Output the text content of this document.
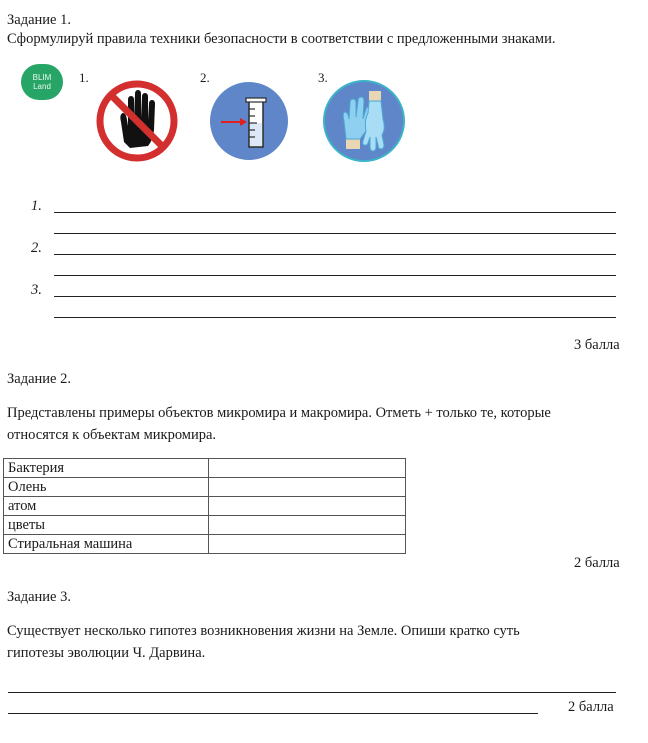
Задание 1.
Сформулируй правила техники безопасности в соответствии с предложенными знаками.
BLIM
Land
1.	2.	3.
1.
2.
3.
3 балла
Задание 2.
Представлены примеры объектов микромира и макромира. Отметь + только те, которые
относятся к объектам микромира.
Бактерия	
Олень	
атом	
цветы	
Стиральная машина	
2 балла
Задание 3.
Существует несколько гипотез возникновения жизни на Земле. Опиши кратко суть
гипотезы эволюции Ч. Дарвина.
2 балла
